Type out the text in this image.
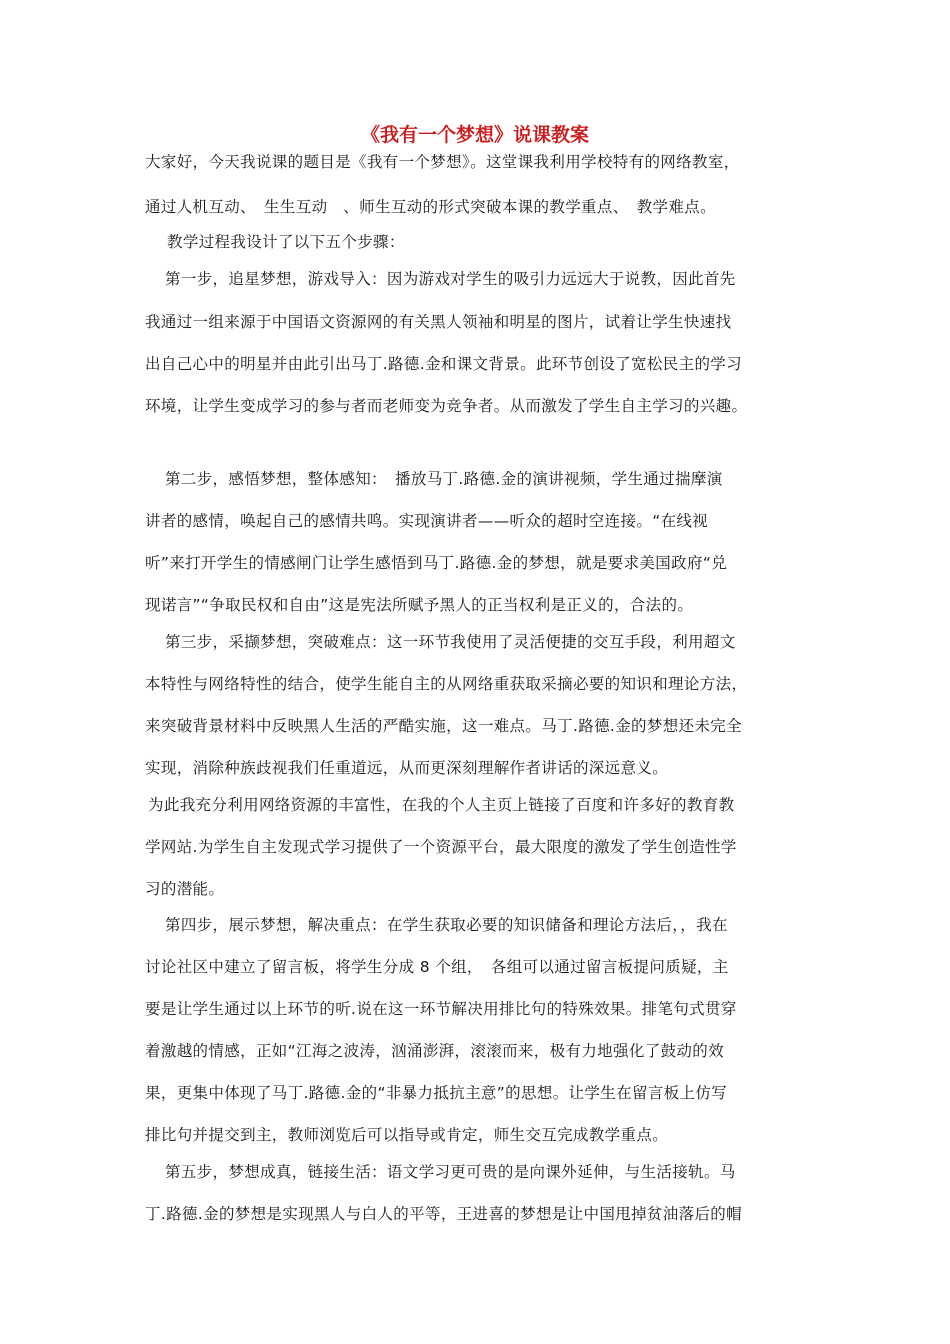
《我有一个梦想》说课教案
大家好，今天我说课的题目是《我有一个梦想》。这堂课我利用学校特有的网络教室，
通过人机互动、　生生互动　、师生互动的形式突破本课的教学重点、　教学难点。
教学过程我设计了以下五个步骤：
第一步，追星梦想，游戏导入：因为游戏对学生的吸引力远远大于说教，因此首先
我通过一组来源于中国语文资源网的有关黑人领袖和明星的图片，试着让学生快速找
出自己心中的明星并由此引出马丁.路德.金和课文背景。此环节创设了宽松民主的学习
环境，让学生变成学习的参与者而老师变为竞争者。从而激发了学生自主学习的兴趣。
第二步，感悟梦想，整体感知：　播放马丁.路德.金的演讲视频，学生通过揣摩演
讲者的感情，唤起自己的感情共鸣。实现演讲者——听众的超时空连接。“在线视
听”来打开学生的情感闸门让学生感悟到马丁.路德.金的梦想，就是要求美国政府“兑
现诺言”“争取民权和自由”这是宪法所赋予黑人的正当权利是正义的，合法的。
第三步，采撷梦想，突破难点：这一环节我使用了灵活便捷的交互手段，利用超文
本特性与网络特性的结合，使学生能自主的从网络重获取采摘必要的知识和理论方法，
来突破背景材料中反映黑人生活的严酷实施，这一难点。马丁.路德.金的梦想还未完全
实现，消除种族歧视我们任重道远，从而更深刻理解作者讲话的深远意义。
为此我充分利用网络资源的丰富性，在我的个人主页上链接了百度和许多好的教育教
学网站.为学生自主发现式学习提供了一个资源平台，最大限度的激发了学生创造性学
习的潜能。
第四步，展示梦想，解决重点：在学生获取必要的知识储备和理论方法后，，我在
讨论社区中建立了留言板，将学生分成 8 个组，　各组可以通过留言板提问质疑，主
要是让学生通过以上环节的听.说在这一环节解决用排比句的特殊效果。排笔句式贯穿
着激越的情感，正如“江海之波涛，汹涌澎湃，滚滚而来，极有力地强化了鼓动的效
果，更集中体现了马丁.路德.金的“非暴力抵抗主意”的思想。让学生在留言板上仿写
排比句并提交到主，教师浏览后可以指导或肯定，师生交互完成教学重点。
第五步，梦想成真，链接生活：语文学习更可贵的是向课外延伸，与生活接轨。马
丁.路德.金的梦想是实现黑人与白人的平等，王进喜的梦想是让中国甩掉贫油落后的帽
